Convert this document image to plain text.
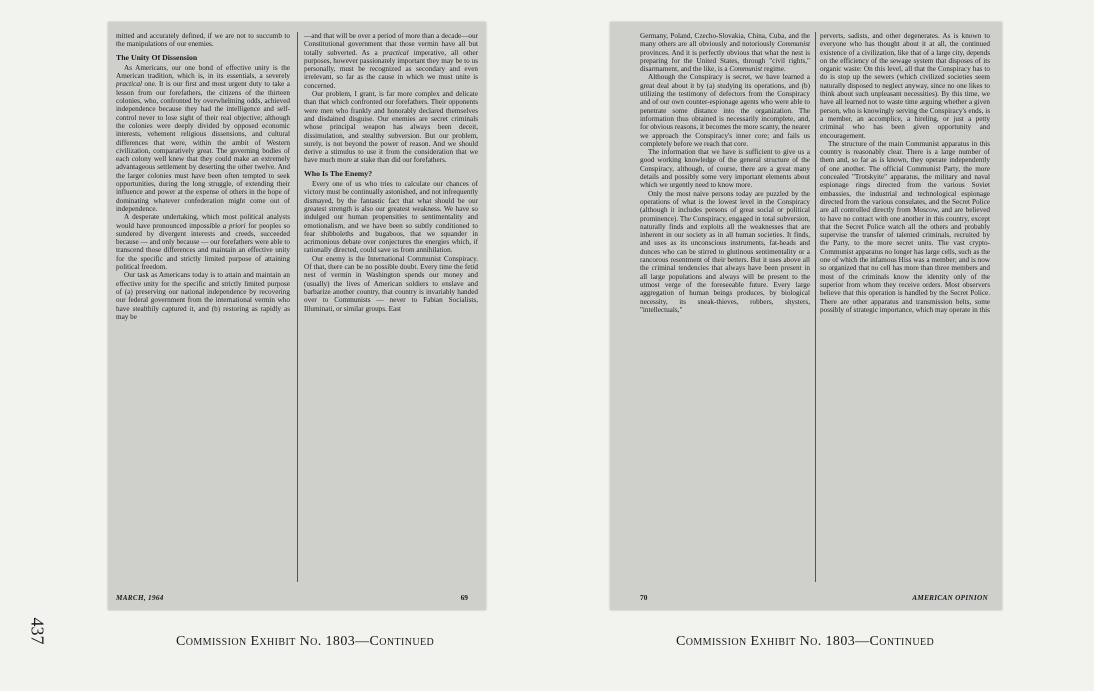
437

mitted and accurately defined, if we are not to succumb to the manipulations of our enemies.

The Unity Of Dissension

As Americans, our one bond of effective unity is the American tradition, which is, in its essentials, a severely practical one. It is our first and most urgent duty to take a lesson from our forefathers, the citizens of the thirteen colonies, who, confronted by overwhelming odds, achieved independence because they had the intelligence and self-control never to lose sight of their real objective; although the colonies were deeply divided by opposed economic interests, vehement religious dissensions, and cultural differences that were, within the ambit of Western civilization, comparatively great. The governing bodies of each colony well knew that they could make an extremely advantageous settlement by deserting the other twelve. And the larger colonies must have been often tempted to seek opportunities, during the long struggle, of extending their influence and power at the expense of others in the hope of dominating whatever confederation might come out of independence.

A desperate undertaking, which most political analysts would have pronounced impossible a priori for peoples so sundered by divergent interests and creeds, succeeded because — and only because — our forefathers were able to transcend those differences and maintain an effective unity for the specific and strictly limited purpose of attaining political freedom.

Our task as Americans today is to attain and maintain an effective unity for the specific and strictly limited purpose of (a) preserving our national independence by recovering our federal government from the international vermin who have stealthily captured it, and (b) restoring as rapidly as may be

—and that will be over a period of more than a decade—our Constitutional government that those vermin have all but totally subverted. As a practical imperative, all other purposes, however passionately important they may be to us personally, must be recognized as secondary and even irrelevant, so far as the cause in which we must unite is concerned.

Our problem, I grant, is far more complex and delicate than that which confronted our forefathers. Their opponents were men who frankly and honorably declared themselves and disdained disguise. Our enemies are secret criminals whose principal weapon has always been deceit, dissimulation, and stealthy subversion. But our problem, surely, is not beyond the power of reason. And we should derive a stimulus to use it from the consideration that we have much more at stake than did our forefathers.

Who Is The Enemy?

Every one of us who tries to calculate our chances of victory must be continually astonished, and not infrequently dismayed, by the fantastic fact that what should be our greatest strength is also our greatest weakness. We have so indulged our human propensities to sentimentality and emotionalism, and we have been so subtly conditioned to fear shibboleths and bugaboos, that we squander in acrimonious debate over conjectures the energies which, if rationally directed, could save us from annihilation.

Our enemy is the International Communist Conspiracy. Of that, there can be no possible doubt. Every time the fetid nest of vermin in Washington spends our money and (usually) the lives of American soldiers to enslave and barbarize another country, that country is invariably handed over to Communists — never to Fabian Socialists, Illuminati, or similar groups. East

MARCH, 1964	69

Germany, Poland, Czecho-Slovakia, China, Cuba, and the many others are all obviously and notoriously Communist provinces. And it is perfectly obvious that what the nest is preparing for the United States, through "civil rights," disarmament, and the like, is a Communist regime.

Although the Conspiracy is secret, we have learned a great deal about it by (a) studying its operations, and (b) utilizing the testimony of defectors from the Conspiracy and of our own counter-espionage agents who were able to penetrate some distance into the organization. The information thus obtained is necessarily incomplete, and, for obvious reasons, it becomes the more scanty, the nearer we approach the Conspiracy's inner core; and fails us completely before we reach that core.

The information that we have is sufficient to give us a good working knowledge of the general structure of the Conspiracy, although, of course, there are a great many details and possibly some very important elements about which we urgently need to know more.

Only the most naive persons today are puzzled by the operations of what is the lowest level in the Conspiracy (although it includes persons of great social or political prominence). The Conspiracy, engaged in total subversion, naturally finds and exploits all the weaknesses that are inherent in our society as in all human societies. It finds, and uses as its unconscious instruments, fat-heads and dunces who can be stirred to glutinous sentimentality or a rancorous resentment of their betters. But it uses above all the criminal tendencies that always have been present in all large populations and always will be present to the utmost verge of the foreseeable future. Every large aggregation of human beings produces, by biological necessity, its sneak-thieves, robbers, shysters, "intellectuals,"

perverts, sadists, and other degenerates. As is known to everyone who has thought about it at all, the continued existence of a civilization, like that of a large city, depends on the efficiency of the sewage system that disposes of its organic waste: On this level, all that the Conspiracy has to do is stop up the sewers (which civilized societies seem naturally disposed to neglect anyway, since no one likes to think about such unpleasant necessities). By this time, we have all learned not to waste time arguing whether a given person, who is knowingly serving the Conspiracy's ends, is a member, an accomplice, a hireling, or just a petty criminal who has been given opportunity and encouragement.

The structure of the main Communist apparatus in this country is reasonably clear. There is a large number of them and, so far as is known, they operate independently of one another. The official Communist Party, the more concealed "Trotskyite" apparatus, the military and naval espionage rings directed from the various Soviet embassies, the industrial and technological espionage directed from the various consulates, and the Secret Police are all controlled directly from Moscow, and are believed to have no contact with one another in this country, except that the Secret Police watch all the others and probably supervise the transfer of talented criminals, recruited by the Party, to the more secret units. The vast crypto-Communist apparatus no longer has large cells, such as the one of which the infamous Hiss was a member; and is now so organized that no cell has more than three members and most of the criminals know the identity only of the superior from whom they receive orders. Most observers believe that this operation is handled by the Secret Police. There are other apparatus and transmission belts, some possibly of strategic importance, which may operate in this

70	AMERICAN OPINION
Commission Exhibit No. 1803—Continued	Commission Exhibit No. 1803—Continued
